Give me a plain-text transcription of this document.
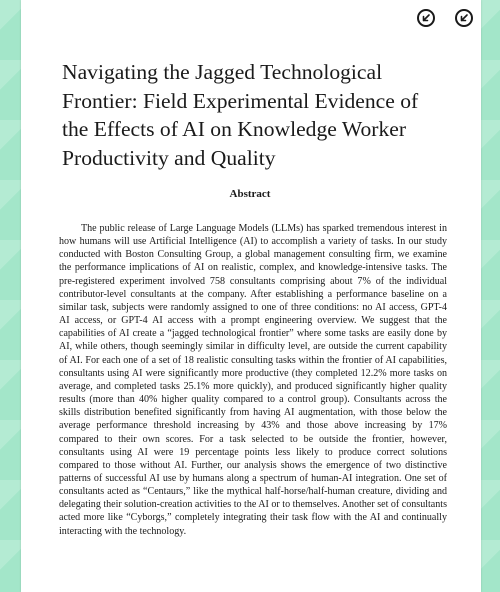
Navigating the Jagged Technological Frontier: Field Experimental Evidence of the Effects of AI on Knowledge Worker Productivity and Quality
Abstract

The public release of Large Language Models (LLMs) has sparked tremendous interest in how humans will use Artificial Intelligence (AI) to accomplish a variety of tasks. In our study conducted with Boston Consulting Group, a global management consulting firm, we examine the performance implications of AI on realistic, complex, and knowledge-intensive tasks. The pre-registered experiment involved 758 consultants comprising about 7% of the individual contributor-level consultants at the company. After establishing a performance baseline on a similar task, subjects were randomly assigned to one of three conditions: no AI access, GPT-4 AI access, or GPT-4 AI access with a prompt engineering overview. We suggest that the capabilities of AI create a “jagged technological frontier” where some tasks are easily done by AI, while others, though seemingly similar in difficulty level, are outside the current capability of AI. For each one of a set of 18 realistic consulting tasks within the frontier of AI capabilities, consultants using AI were significantly more productive (they completed 12.2% more tasks on average, and completed tasks 25.1% more quickly), and produced significantly higher quality results (more than 40% higher quality compared to a control group). Consultants across the skills distribution benefited significantly from having AI augmentation, with those below the average performance threshold increasing by 43% and those above increasing by 17% compared to their own scores. For a task selected to be outside the frontier, however, consultants using AI were 19 percentage points less likely to produce correct solutions compared to those without AI. Further, our analysis shows the emergence of two distinctive patterns of successful AI use by humans along a spectrum of human-AI integration. One set of consultants acted as “Centaurs,” like the mythical half-horse/half-human creature, dividing and delegating their solution-creation activities to the AI or to themselves. Another set of consultants acted more like “Cyborgs,” completely integrating their task flow with the AI and continually interacting with the technology.
